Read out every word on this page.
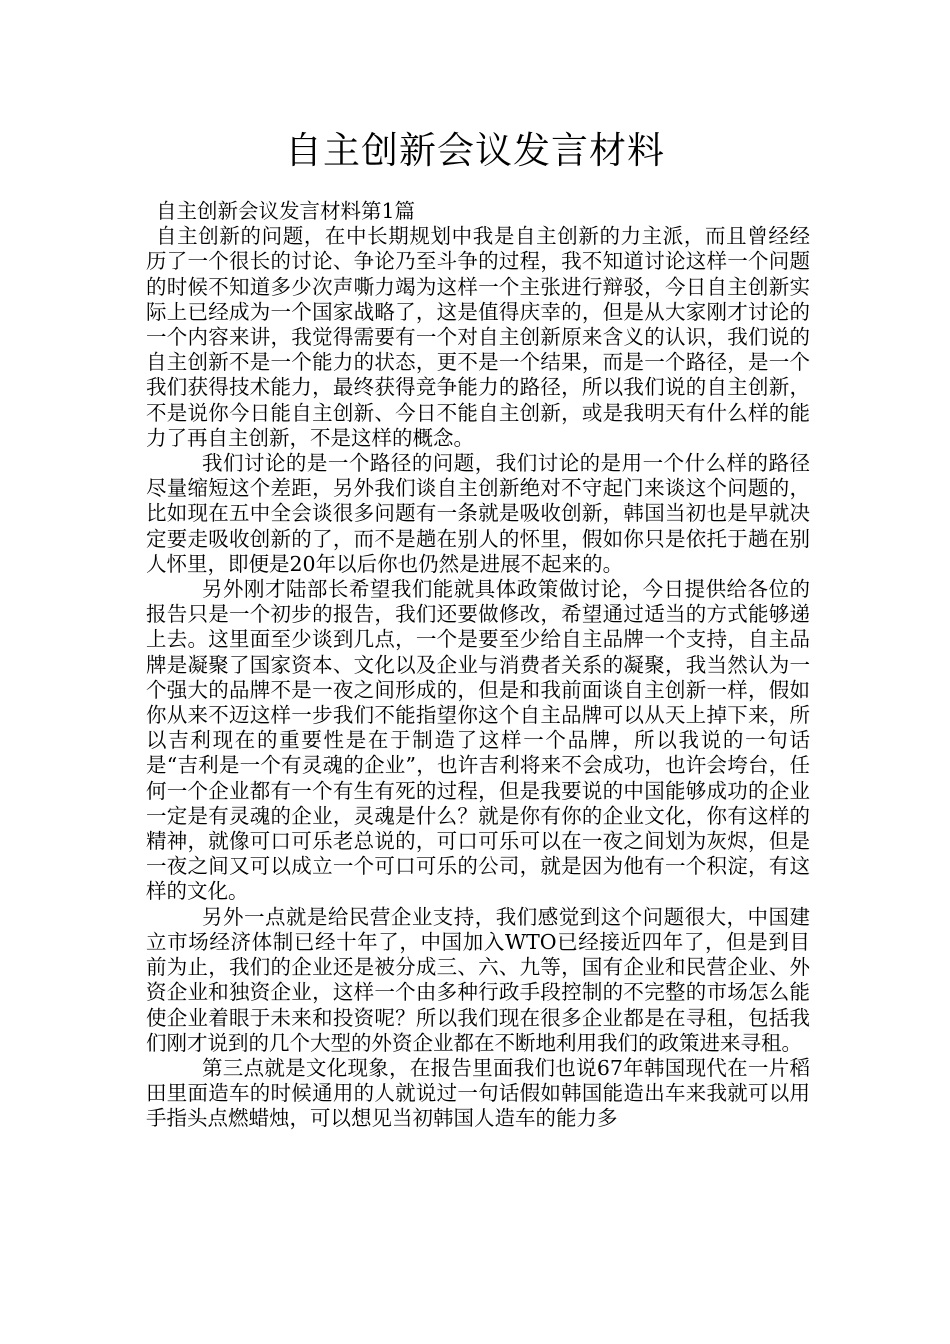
自主创新会议发言材料

自主创新会议发言材料第1篇

自主创新的问题，在中长期规划中我是自主创新的力主派，而且曾经经历了一个很长的讨论、争论乃至斗争的过程，我不知道讨论这样一个问题的时候不知道多少次声嘶力竭为这样一个主张进行辩驳，今日自主创新实际上已经成为一个国家战略了，这是值得庆幸的，但是从大家刚才讨论的一个内容来讲，我觉得需要有一个对自主创新原来含义的认识，我们说的自主创新不是一个能力的状态，更不是一个结果，而是一个路径，是一个我们获得技术能力，最终获得竞争能力的路径，所以我们说的自主创新，不是说你今日能自主创新、今日不能自主创新，或是我明天有什么样的能力了再自主创新，不是这样的概念。

我们讨论的是一个路径的问题，我们讨论的是用一个什么样的路径尽量缩短这个差距，另外我们谈自主创新绝对不守起门来谈这个问题的，比如现在五中全会谈很多问题有一条就是吸收创新，韩国当初也是早就决定要走吸收创新的了，而不是趟在别人的怀里，假如你只是依托于趟在别人怀里，即便是20年以后你也仍然是进展不起来的。

另外刚才陆部长希望我们能就具体政策做讨论，今日提供给各位的报告只是一个初步的报告，我们还要做修改，希望通过适当的方式能够递上去。这里面至少谈到几点，一个是要至少给自主品牌一个支持，自主品牌是凝聚了国家资本、文化以及企业与消费者关系的凝聚，我当然认为一个强大的品牌不是一夜之间形成的，但是和我前面谈自主创新一样，假如你从来不迈这样一步我们不能指望你这个自主品牌可以从天上掉下来，所以吉利现在的重要性是在于制造了这样一个品牌，所以我说的一句话是“吉利是一个有灵魂的企业”，也许吉利将来不会成功，也许会垮台，任何一个企业都有一个有生有死的过程，但是我要说的中国能够成功的企业一定是有灵魂的企业，灵魂是什么？就是你有你的企业文化，你有这样的精神，就像可口可乐老总说的，可口可乐可以在一夜之间划为灰烬，但是一夜之间又可以成立一个可口可乐的公司，就是因为他有一个积淀，有这样的文化。

另外一点就是给民营企业支持，我们感觉到这个问题很大，中国建立市场经济体制已经十年了，中国加入WTO已经接近四年了，但是到目前为止，我们的企业还是被分成三、六、九等，国有企业和民营企业、外资企业和独资企业，这样一个由多种行政手段控制的不完整的市场怎么能使企业着眼于未来和投资呢？所以我们现在很多企业都是在寻租，包括我们刚才说到的几个大型的外资企业都在不断地利用我们的政策进来寻租。

第三点就是文化现象，在报告里面我们也说67年韩国现代在一片稻田里面造车的时候通用的人就说过一句话假如韩国能造出车来我就可以用手指头点燃蜡烛，可以想见当初韩国人造车的能力多
